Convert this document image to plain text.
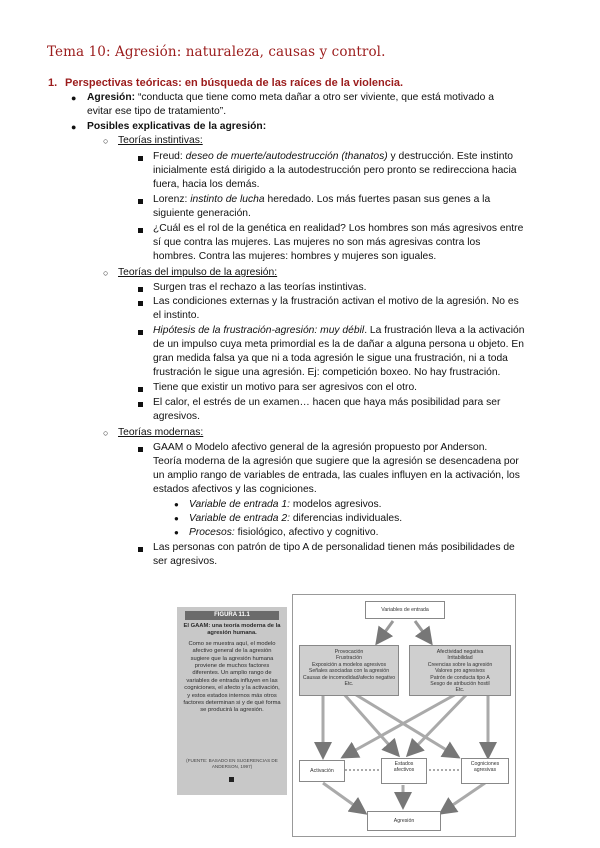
Tema 10: Agresión: naturaleza, causas y control.
1. Perspectivas teóricas: en búsqueda de las raíces de la violencia.
● Agresión: “conducta que tiene como meta dañar a otro ser viviente, que está motivado a
evitar ese tipo de tratamiento”.
● Posibles explicativas de la agresión:
○ Teorías instintivas:
Freud: deseo de muerte/autodestrucción (thanatos) y destrucción. Este instinto
inicialmente está dirigido a la autodestrucción pero pronto se redirecciona hacia
fuera, hacia los demás.
Lorenz: instinto de lucha heredado. Los más fuertes pasan sus genes a la
siguiente generación.
¿Cuál es el rol de la genética en realidad? Los hombres son más agresivos entre
sí que contra las mujeres. Las mujeres no son más agresivas contra los
hombres. Contra las mujeres: hombres y mujeres son iguales.
○ Teorías del impulso de la agresión:
Surgen tras el rechazo a las teorías instintivas.
Las condiciones externas y la frustración activan el motivo de la agresión. No es
el instinto.
Hipótesis de la frustración-agresión: muy débil. La frustración lleva a la activación
de un impulso cuya meta primordial es la de dañar a alguna persona u objeto. En
gran medida falsa ya que ni a toda agresión le sigue una frustración, ni a toda
frustración le sigue una agresión. Ej: competición boxeo. No hay frustración.
Tiene que existir un motivo para ser agresivos con el otro.
El calor, el estrés de un examen… hacen que haya más posibilidad para ser
agresivos.
○ Teorías modernas:
GAAM o Modelo afectivo general de la agresión propuesto por Anderson.
Teoría moderna de la agresión que sugiere que la agresión se desencadena por
un amplio rango de variables de entrada, las cuales influyen en la activación, los
estados afectivos y las cogniciones.
● Variable de entrada 1: modelos agresivos.
● Variable de entrada 2: diferencias individuales.
● Procesos: fisiológico, afectivo y cognitivo.
Las personas con patrón de tipo A de personalidad tienen más posibilidades de
ser agresivos.
FIGURA 11.1
El GAAM: una teoría moderna de la agresión humana.
Como se muestra aquí, el modelo afectivo general de la agresión sugiere que la agresión humana proviene de muchos factores diferentes. Un amplio rango de variables de entrada influyen en las cogniciones, el afecto y la activación, y estos estados internos más otros factores determinan si y de qué forma se producirá la agresión.
(FUENTE: BASADO EN SUGERENCIAS DE ANDERSON, 1997)
Variables de entrada
Provocación
Frustración
Exposición a modelos agresivos
Señales asociadas con la agresión
Causas de incomodidad/afecto negativo
Etc.
Afectividad negativa
Irritabilidad
Creencias sobre la agresión
Valores pro agresivos
Patrón de conducta tipo A
Sesgo de atribución hostil
Etc.
Activación
Estados
afectivos
Cogniciones
agresivas
Agresión
